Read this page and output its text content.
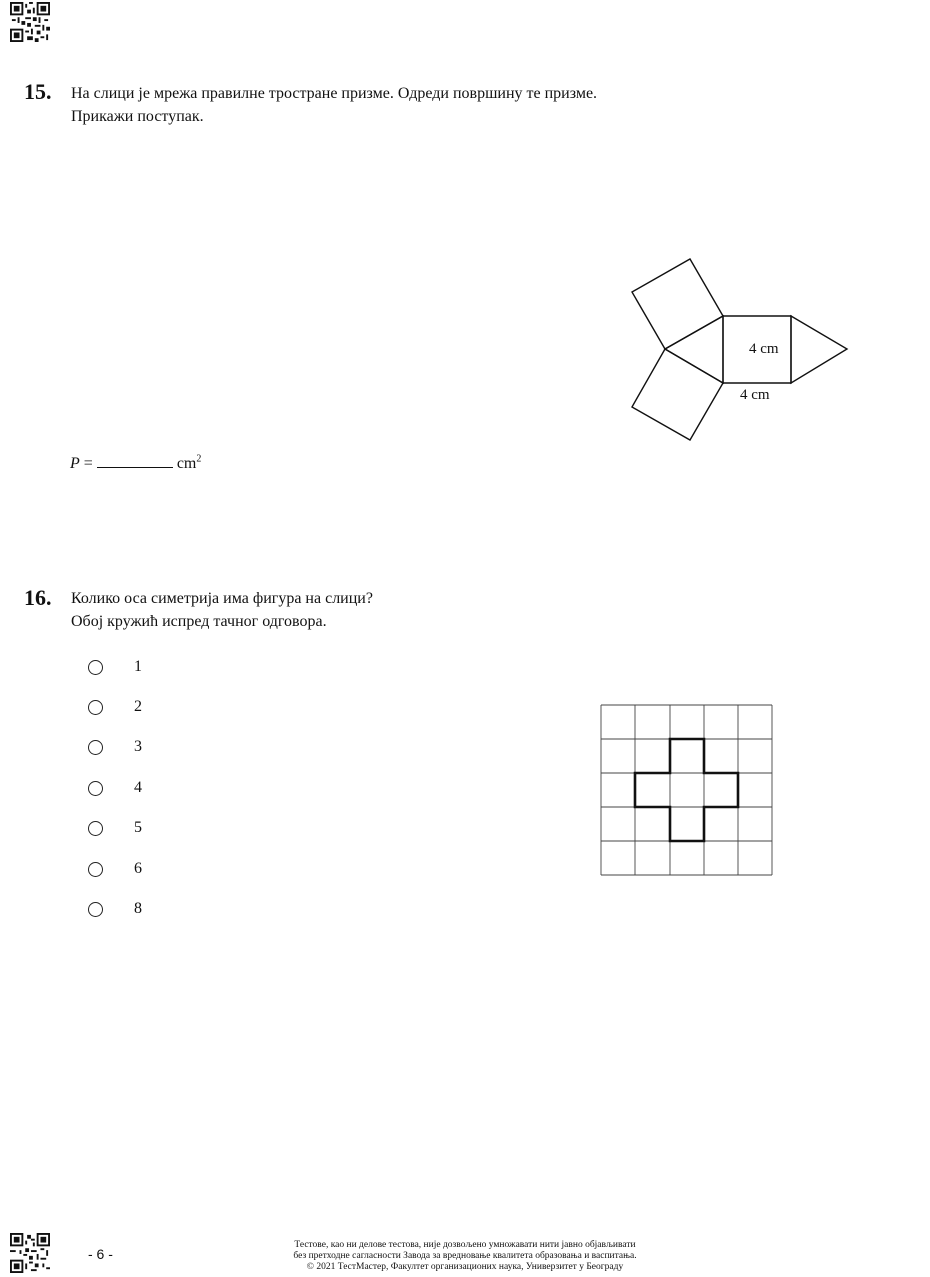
15. На слици је мрежа правилне тростране призме. Одреди површину те призме.
Прикажи поступак.
4 cm
4 cm
P =	$cm^2$
16. Колико оса симетрија има фигура на слици?
Обој кружић испред тачног одговора.
1
2
3
4
5
6
8
- 6 -
Тестове, као ни делове тестова, није дозвољено умножавати нити јавно објављивати
без претходне сагласности Завода за вредновање квалитета образовања и васпитања.
© 2021 ТестМастер, Факултет организационих наука, Универзитет у Београду
